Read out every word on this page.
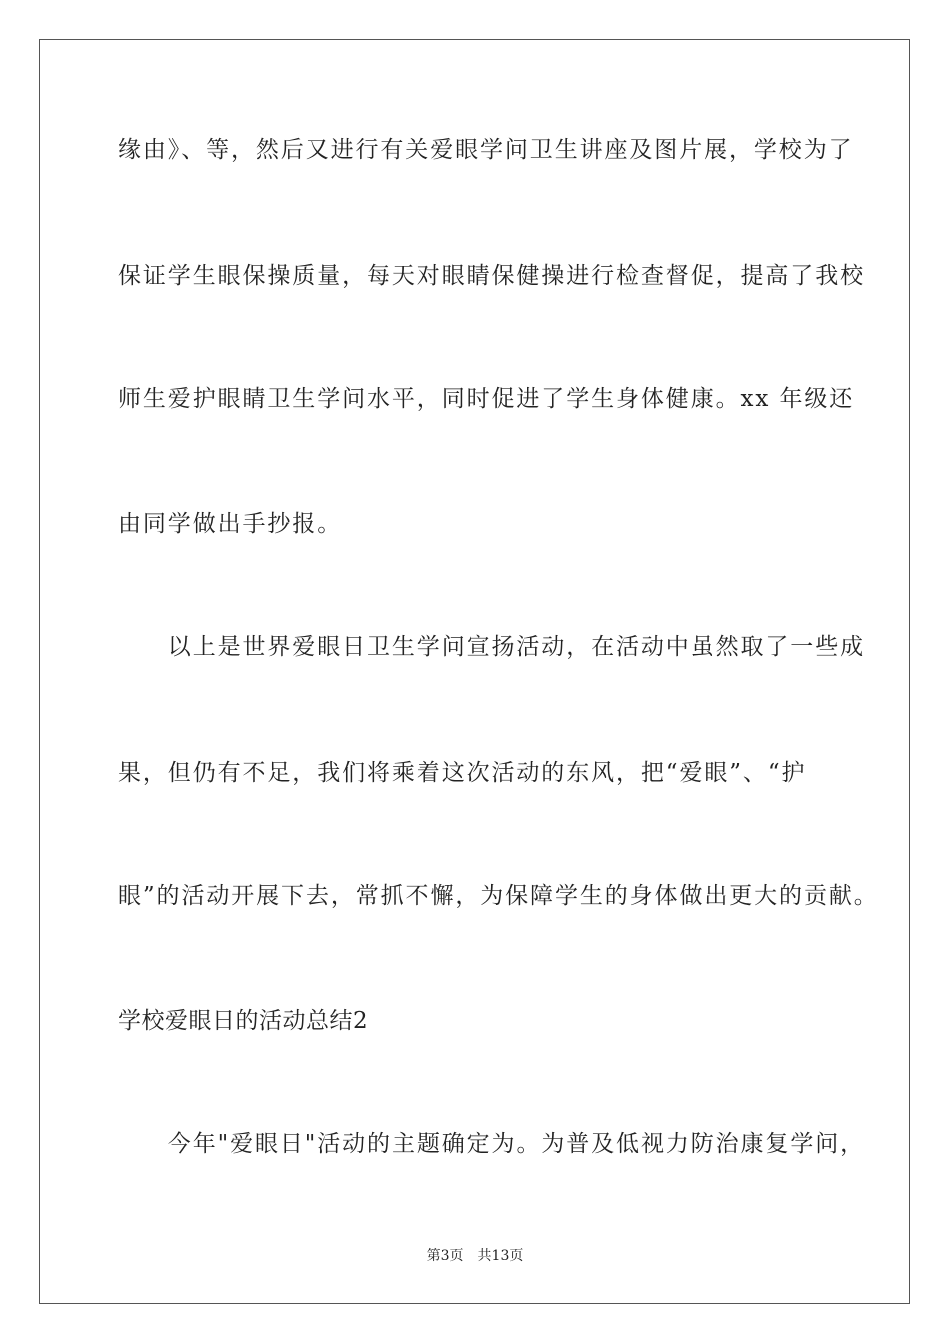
缘由》、等，然后又进行有关爱眼学问卫生讲座及图片展，学校为了
保证学生眼保操质量，每天对眼睛保健操进行检查督促，提高了我校
师生爱护眼睛卫生学问水平，同时促进了学生身体健康。xx 年级还
由同学做出手抄报。
　　以上是世界爱眼日卫生学问宣扬活动，在活动中虽然取了一些成
果，但仍有不足，我们将乘着这次活动的东风，把“爱眼”、“护
眼”的活动开展下去，常抓不懈，为保障学生的身体做出更大的贡献。
学校爱眼日的活动总结2
　　今年"爱眼日"活动的主题确定为。为普及低视力防治康复学问，
第3页 共13页
